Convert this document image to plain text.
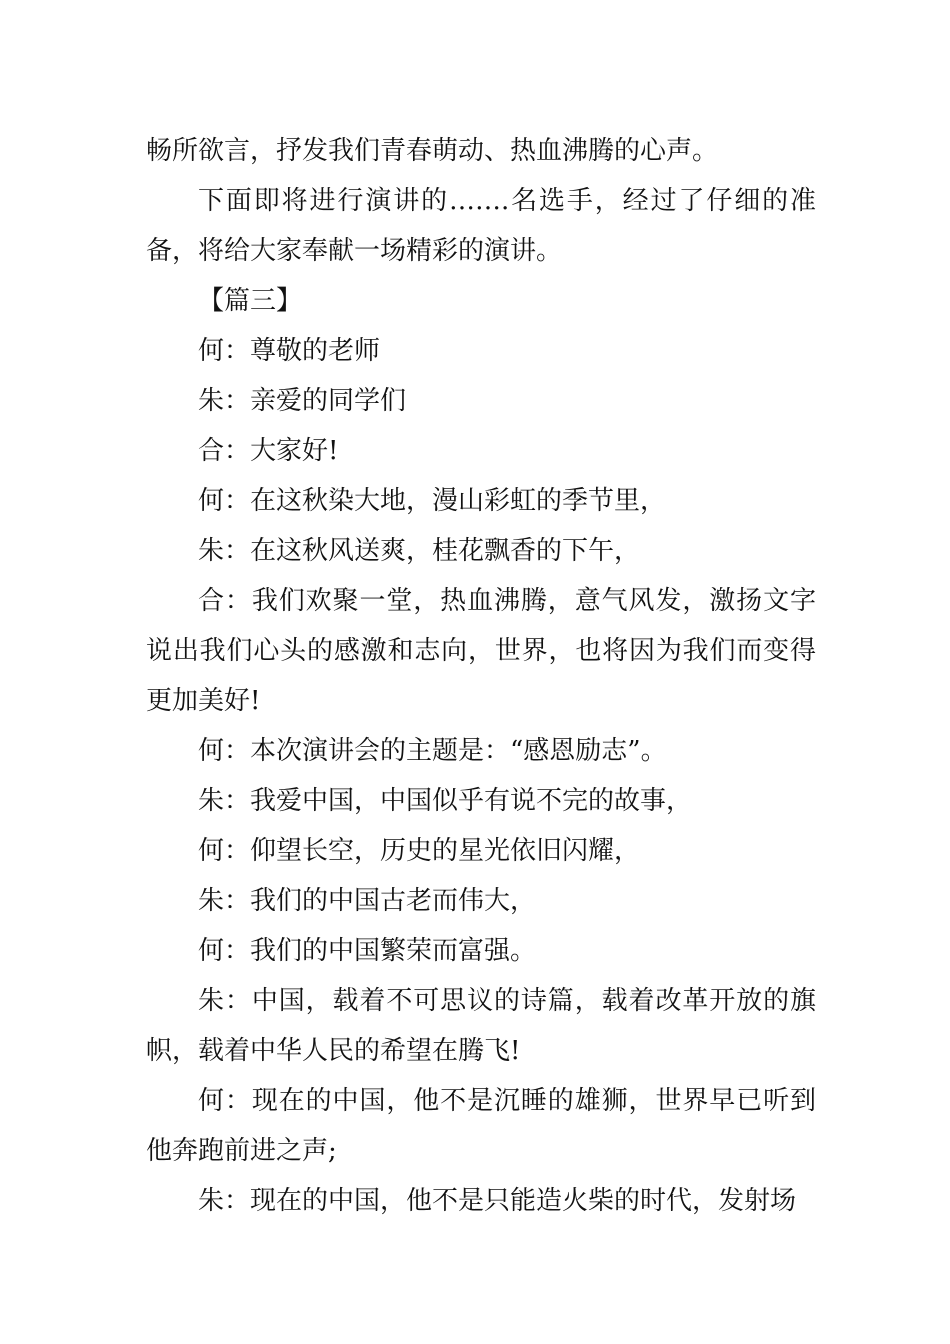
畅所欲言，抒发我们青春萌动、热血沸腾的心声。

下面即将进行演讲的…….名选手，经过了仔细的准备，将给大家奉献一场精彩的演讲。

【篇三】

何：尊敬的老师

朱：亲爱的同学们

合：大家好!

何：在这秋染大地，漫山彩虹的季节里，

朱：在这秋风送爽，桂花飘香的下午，

合：我们欢聚一堂，热血沸腾，意气风发，激扬文字说出我们心头的感激和志向，世界，也将因为我们而变得更加美好!

何：本次演讲会的主题是：“感恩励志”。

朱：我爱中国，中国似乎有说不完的故事，

何：仰望长空，历史的星光依旧闪耀，

朱：我们的中国古老而伟大，

何：我们的中国繁荣而富强。

朱：中国，载着不可思议的诗篇，载着改革开放的旗帜，载着中华人民的希望在腾飞!

何：现在的中国，他不是沉睡的雄狮，世界早已听到他奔跑前进之声;

朱：现在的中国，他不是只能造火柴的时代，发射场
